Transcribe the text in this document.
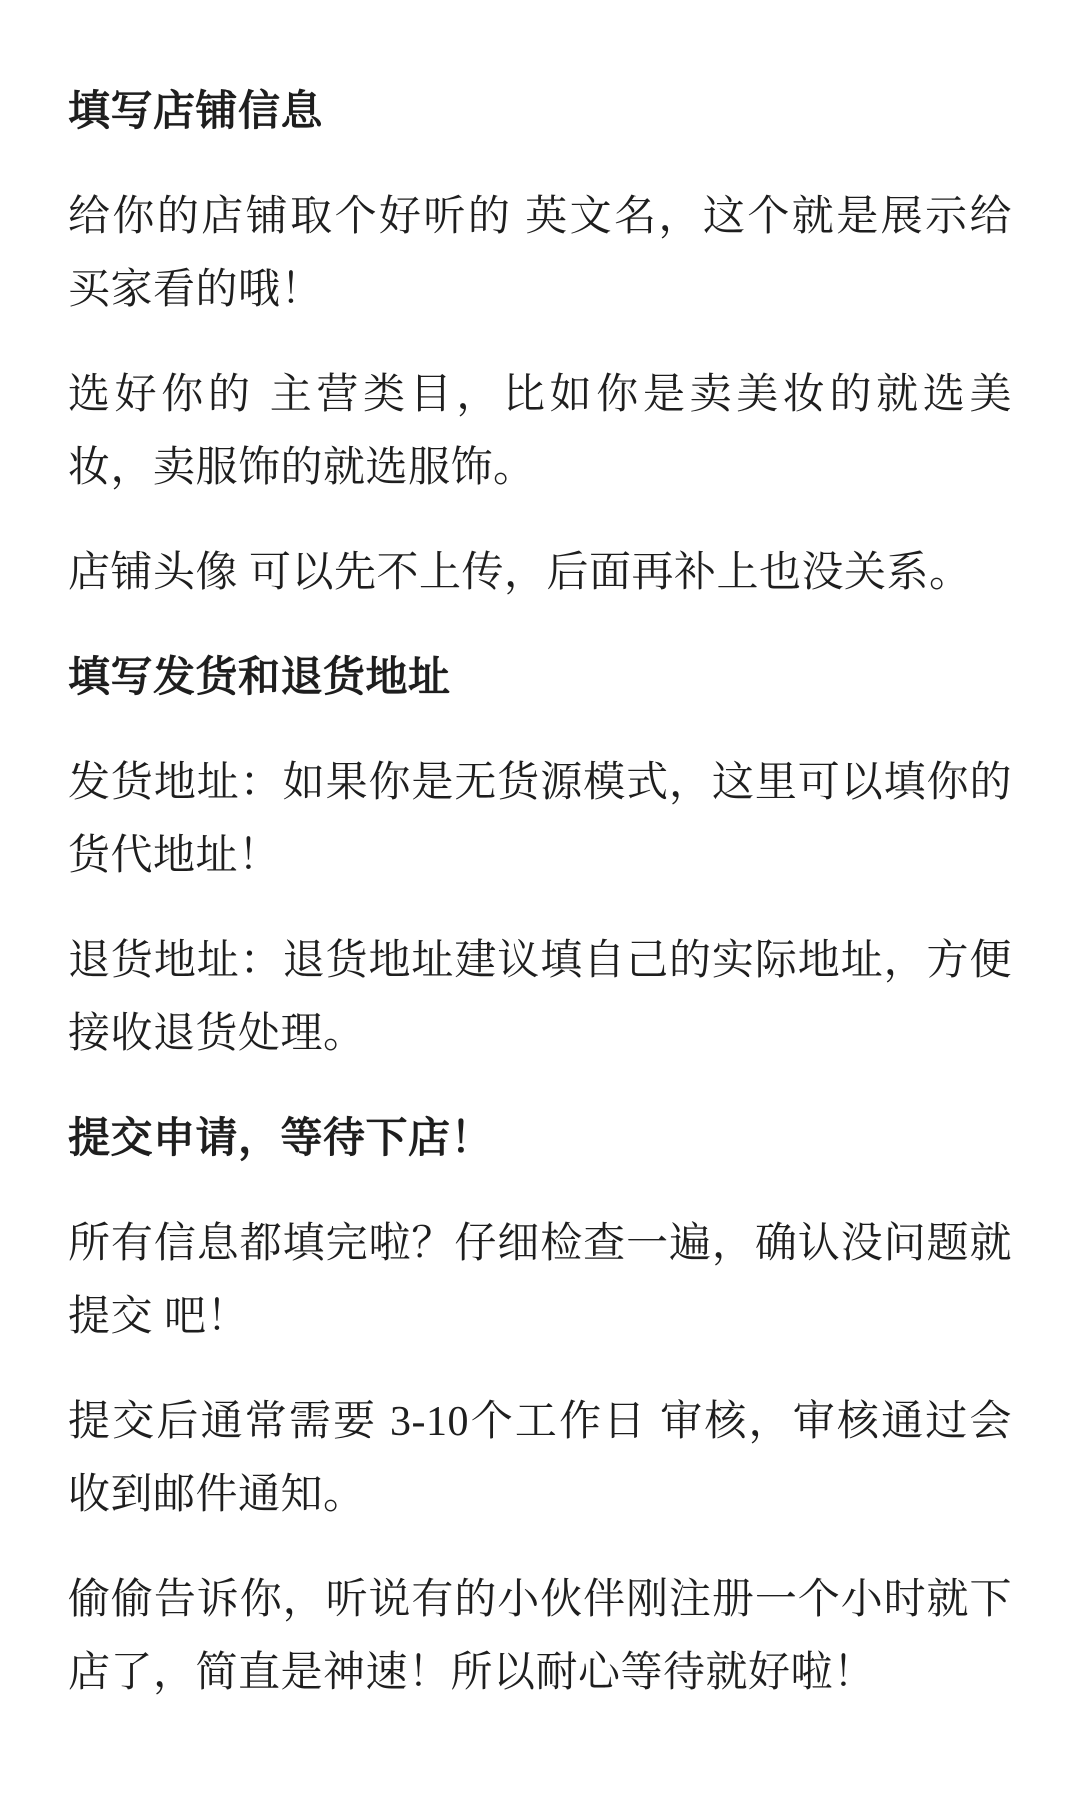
填写店铺信息

给你的店铺取个好听的 英文名，这个就是展示给买家看的哦！

选好你的 主营类目，比如你是卖美妆的就选美妆，卖服饰的就选服饰。

店铺头像 可以先不上传，后面再补上也没关系。

填写发货和退货地址

发货地址：如果你是无货源模式，这里可以填你的货代地址！

退货地址：退货地址建议填自己的实际地址，方便接收退货处理。

提交申请，等待下店！

所有信息都填完啦？仔细检查一遍，确认没问题就提交 吧！

提交后通常需要 3-10个工作日 审核，审核通过会收到邮件通知。

偷偷告诉你，听说有的小伙伴刚注册一个小时就下店了，简直是神速！所以耐心等待就好啦！
